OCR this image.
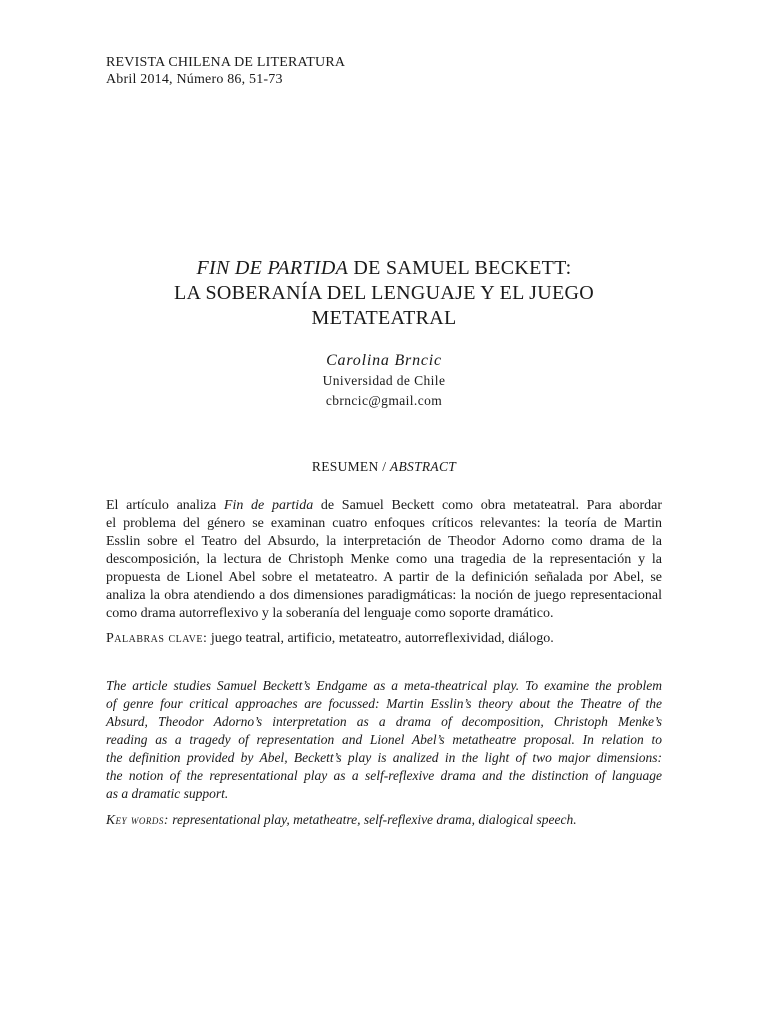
REVISTA CHILENA DE LITERATURA
Abril 2014, Número 86, 51-73
FIN DE PARTIDA DE SAMUEL BECKETT:
LA SOBERANÍA DEL LENGUAJE Y EL JUEGO
METATEATRAL
Carolina Brncic
Universidad de Chile
cbrncic@gmail.com
RESUMEN / ABSTRACT
El artículo analiza Fin de partida de Samuel Beckett como obra metateatral. Para abordar
el problema del género se examinan cuatro enfoques críticos relevantes: la teoría de Martin
Esslin sobre el Teatro del Absurdo, la interpretación de Theodor Adorno como drama de la
descomposición, la lectura de Christoph Menke como una tragedia de la representación y la
propuesta de Lionel Abel sobre el metateatro. A partir de la definición señalada por Abel, se
analiza la obra atendiendo a dos dimensiones paradigmáticas: la noción de juego representacional
como drama autorreflexivo y la soberanía del lenguaje como soporte dramático.
Palabras clave: juego teatral, artificio, metateatro, autorreflexividad, diálogo.
The article studies Samuel Beckett’s Endgame as a meta-theatrical play. To examine the problem
of genre four critical approaches are focussed: Martin Esslin’s theory about the Theatre of the
Absurd, Theodor Adorno’s interpretation as a drama of decomposition, Christoph Menke’s
reading as a tragedy of representation and Lionel Abel’s metatheatre proposal. In relation to
the definition provided by Abel, Beckett’s play is analized in the light of two major dimensions:
the notion of the representational play as a self-reflexive drama and the distinction of language
as a dramatic support.
Key words: representational play, metatheatre, self-reflexive drama, dialogical speech.
